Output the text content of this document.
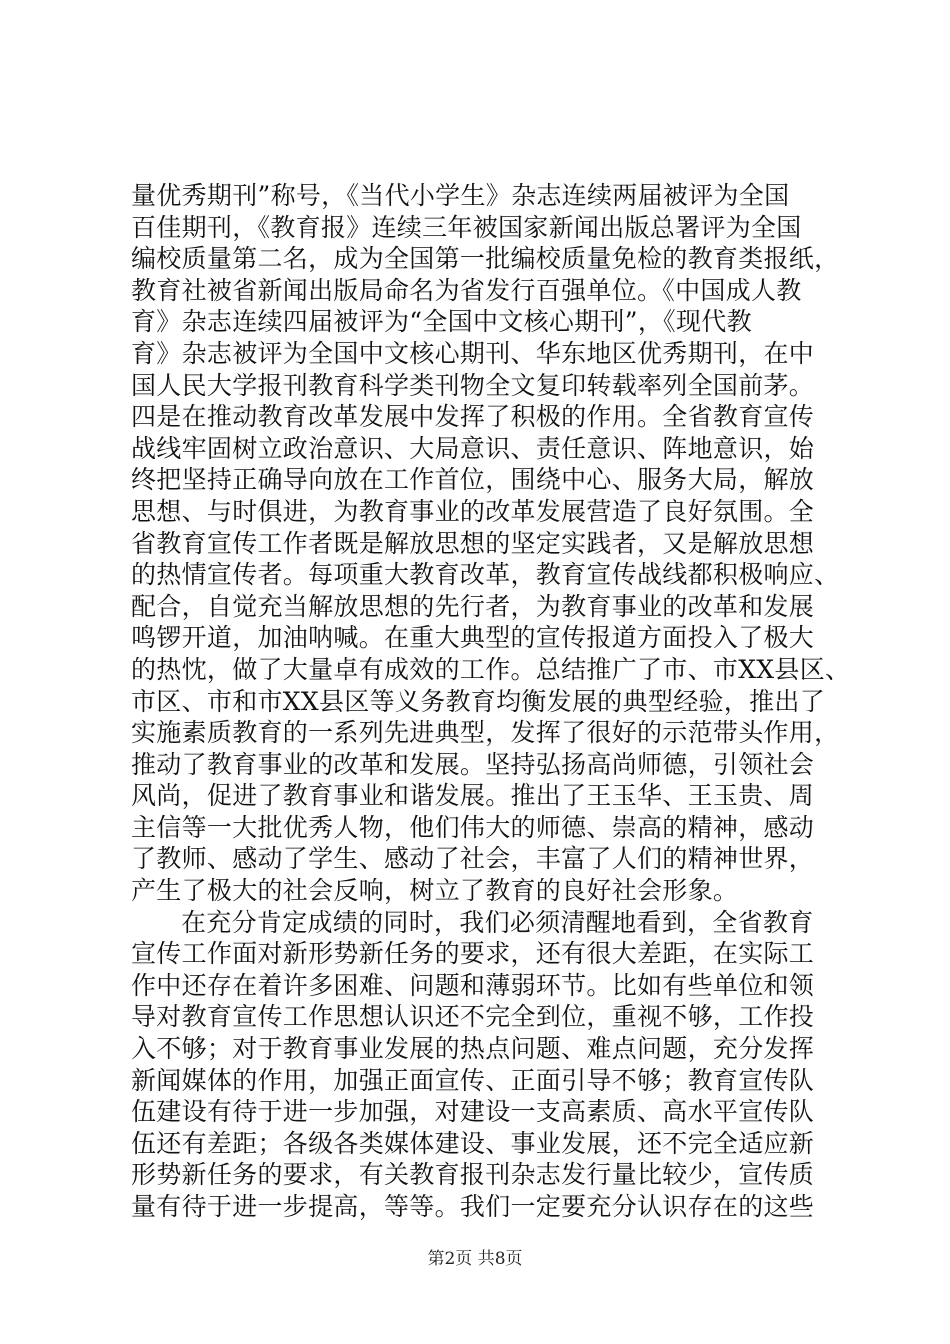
量优秀期刊”称号，《当代小学生》杂志连续两届被评为全国
百佳期刊，《教育报》连续三年被国家新闻出版总署评为全国
编校质量第二名，成为全国第一批编校质量免检的教育类报纸，
教育社被省新闻出版局命名为省发行百强单位。《中国成人教
育》杂志连续四届被评为“全国中文核心期刊”，《现代教
育》杂志被评为全国中文核心期刊、华东地区优秀期刊，在中
国人民大学报刊教育科学类刊物全文复印转载率列全国前茅。
四是在推动教育改革发展中发挥了积极的作用。全省教育宣传
战线牢固树立政治意识、大局意识、责任意识、阵地意识，始
终把坚持正确导向放在工作首位，围绕中心、服务大局，解放
思想、与时俱进，为教育事业的改革发展营造了良好氛围。全
省教育宣传工作者既是解放思想的坚定实践者，又是解放思想
的热情宣传者。每项重大教育改革，教育宣传战线都积极响应、
配合，自觉充当解放思想的先行者，为教育事业的改革和发展
鸣锣开道，加油呐喊。在重大典型的宣传报道方面投入了极大
的热忱，做了大量卓有成效的工作。总结推广了市、市XX县区、
市区、市和市XX县区等义务教育均衡发展的典型经验，推出了
实施素质教育的一系列先进典型，发挥了很好的示范带头作用，
推动了教育事业的改革和发展。坚持弘扬高尚师德，引领社会
风尚，促进了教育事业和谐发展。推出了王玉华、王玉贵、周
主信等一大批优秀人物，他们伟大的师德、崇高的精神，感动
了教师、感动了学生、感动了社会，丰富了人们的精神世界，
产生了极大的社会反响，树立了教育的良好社会形象。
在充分肯定成绩的同时，我们必须清醒地看到，全省教育
宣传工作面对新形势新任务的要求，还有很大差距，在实际工
作中还存在着许多困难、问题和薄弱环节。比如有些单位和领
导对教育宣传工作思想认识还不完全到位，重视不够，工作投
入不够；对于教育事业发展的热点问题、难点问题，充分发挥
新闻媒体的作用，加强正面宣传、正面引导不够；教育宣传队
伍建设有待于进一步加强，对建设一支高素质、高水平宣传队
伍还有差距；各级各类媒体建设、事业发展，还不完全适应新
形势新任务的要求，有关教育报刊杂志发行量比较少，宣传质
量有待于进一步提高，等等。我们一定要充分认识存在的这些
第2页 共8页
